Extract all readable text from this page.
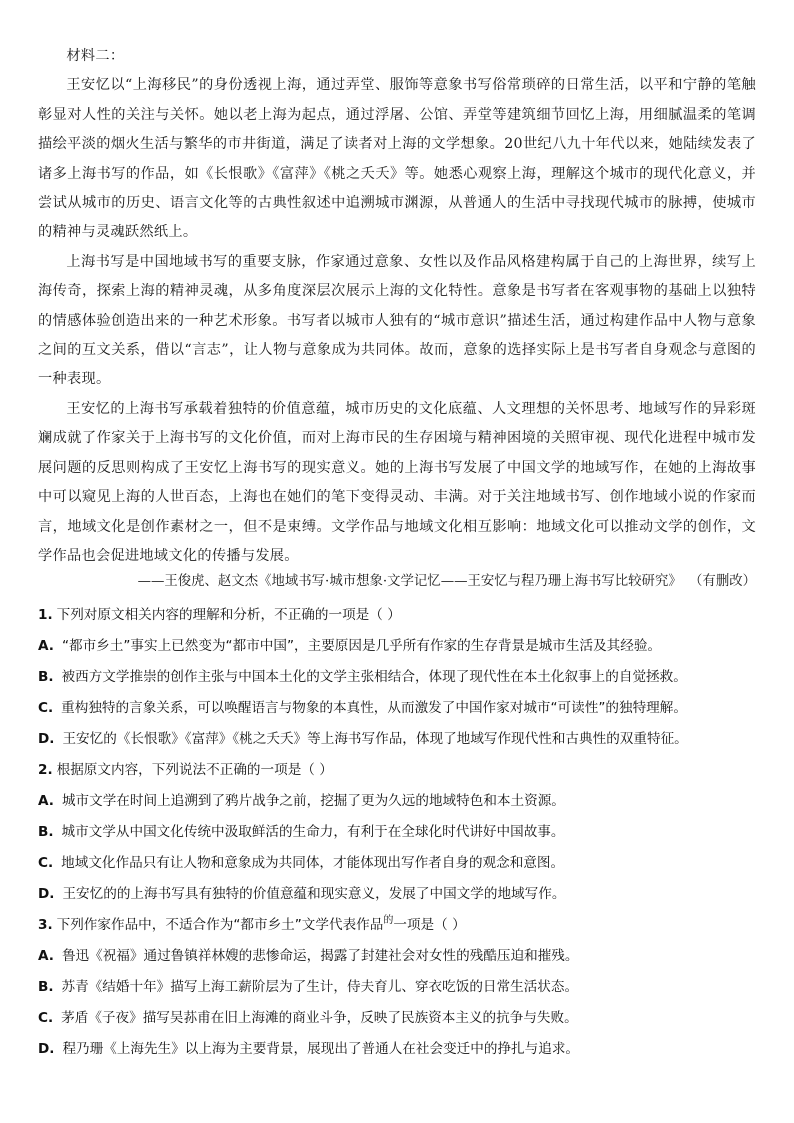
材料二：

王安忆以“上海移民”的身份透视上海，通过弄堂、服饰等意象书写俗常琐碎的日常生活，以平和宁静的笔触彰显对人性的关注与关怀。她以老上海为起点，通过浮屠、公馆、弄堂等建筑细节回忆上海，用细腻温柔的笔调描绘平淡的烟火生活与繁华的市井街道，满足了读者对上海的文学想象。20世纪八九十年代以来，她陆续发表了诸多上海书写的作品，如《长恨歌》《富萍》《桃之夭夭》等。她悉心观察上海，理解这个城市的现代化意义，并尝试从城市的历史、语言文化等的古典性叙述中追溯城市渊源，从普通人的生活中寻找现代城市的脉搏，使城市的精神与灵魂跃然纸上。

上海书写是中国地域书写的重要支脉，作家通过意象、女性以及作品风格建构属于自己的上海世界，续写上海传奇，探索上海的精神灵魂，从多角度深层次展示上海的文化特性。意象是书写者在客观事物的基础上以独特的情感体验创造出来的一种艺术形象。书写者以城市人独有的“城市意识”描述生活，通过构建作品中人物与意象之间的互文关系，借以“言志”，让人物与意象成为共同体。故而，意象的选择实际上是书写者自身观念与意图的一种表现。

王安忆的上海书写承载着独特的价值意蕴，城市历史的文化底蕴、人文理想的关怀思考、地域写作的异彩斑斓成就了作家关于上海书写的文化价值，而对上海市民的生存困境与精神困境的关照审视、现代化进程中城市发展问题的反思则构成了王安忆上海书写的现实意义。她的上海书写发展了中国文学的地域写作，在她的上海故事中可以窥见上海的人世百态，上海也在她们的笔下变得灵动、丰满。对于关注地域书写、创作地域小说的作家而言，地域文化是创作素材之一，但不是束缚。文学作品与地域文化相互影响：地域文化可以推动文学的创作，文学作品也会促进地域文化的传播与发展。

——王俊虎、赵文杰《地域书写·城市想象·文学记忆——王安忆与程乃珊上海书写比较研究》 （有删改）
1. 下列对原文相关内容的理解和分析，不正确的一项是（ ）
A. “都市乡土”事实上已然变为“都市中国”，主要原因是几乎所有作家的生存背景是城市生活及其经验。
B. 被西方文学推崇的创作主张与中国本土化的文学主张相结合，体现了现代性在本土化叙事上的自觉拯救。
C. 重构独特的言象关系，可以唤醒语言与物象的本真性，从而激发了中国作家对城市“可读性”的独特理解。
D. 王安忆的《长恨歌》《富萍》《桃之夭夭》等上海书写作品，体现了地域写作现代性和古典性的双重特征。
2. 根据原文内容，下列说法不正确的一项是（ ）
A. 城市文学在时间上追溯到了鸦片战争之前，挖掘了更为久远的地域特色和本土资源。
B. 城市文学从中国文化传统中汲取鲜活的生命力，有利于在全球化时代讲好中国故事。
C. 地域文化作品只有让人物和意象成为共同体，才能体现出写作者自身的观念和意图。
D. 王安忆的的上海书写具有独特的价值意蕴和现实意义，发展了中国文学的地域写作。
3. 下列作家作品中，不适合作为“都市乡土”文学代表作品$^的$一项是（ ）
A. 鲁迅《祝福》通过鲁镇祥林嫂的悲惨命运，揭露了封建社会对女性的残酷压迫和摧残。
B. 苏青《结婚十年》描写上海工薪阶层为了生计，侍夫育儿、穿衣吃饭的日常生活状态。
C. 茅盾《子夜》描写吴荪甫在旧上海滩的商业斗争，反映了民族资本主义的抗争与失败。
D. 程乃珊《上海先生》以上海为主要背景，展现出了普通人在社会变迁中的挣扎与追求。
